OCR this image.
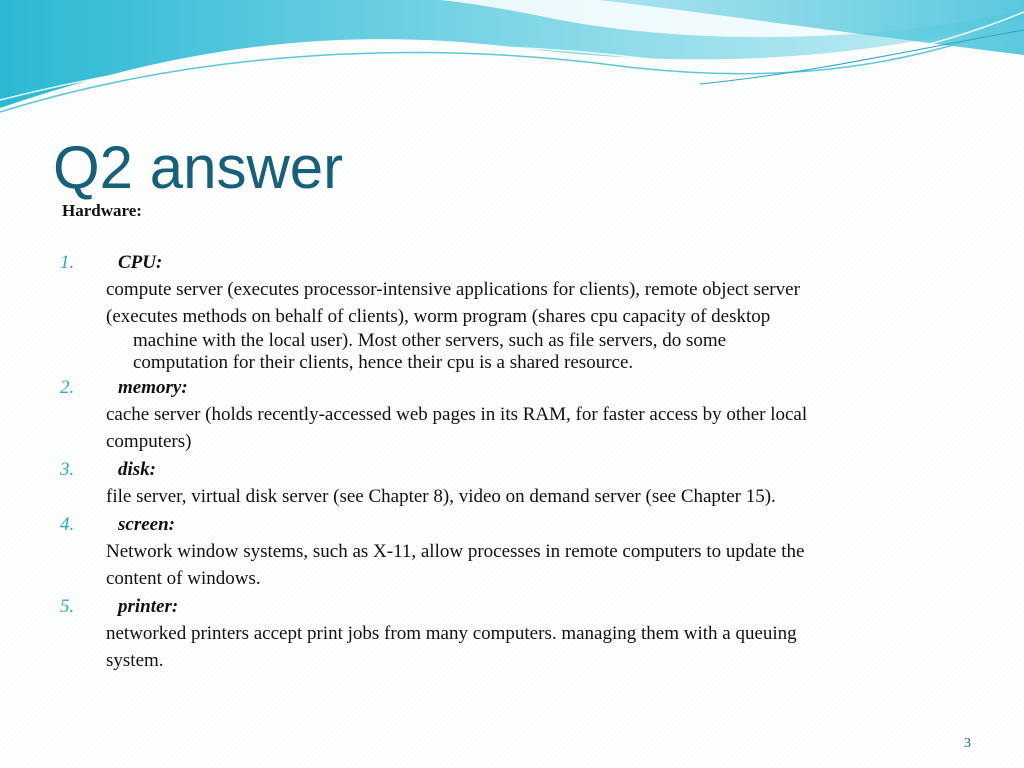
Q2 answer
Hardware:
1. CPU:
compute server (executes processor-intensive applications for clients), remote object server
(executes methods on behalf of clients), worm program (shares cpu capacity of desktop
machine with the local user). Most other servers, such as file servers, do some
computation for their clients, hence their cpu is a shared resource.
2. memory:
cache server (holds recently-accessed web pages in its RAM, for faster access by other local
computers)
3. disk:
file server, virtual disk server (see Chapter 8), video on demand server (see Chapter 15).
4. screen:
Network window systems, such as X-11, allow processes in remote computers to update the
content of windows.
5. printer:
networked printers accept print jobs from many computers. managing them with a queuing
system.
3
